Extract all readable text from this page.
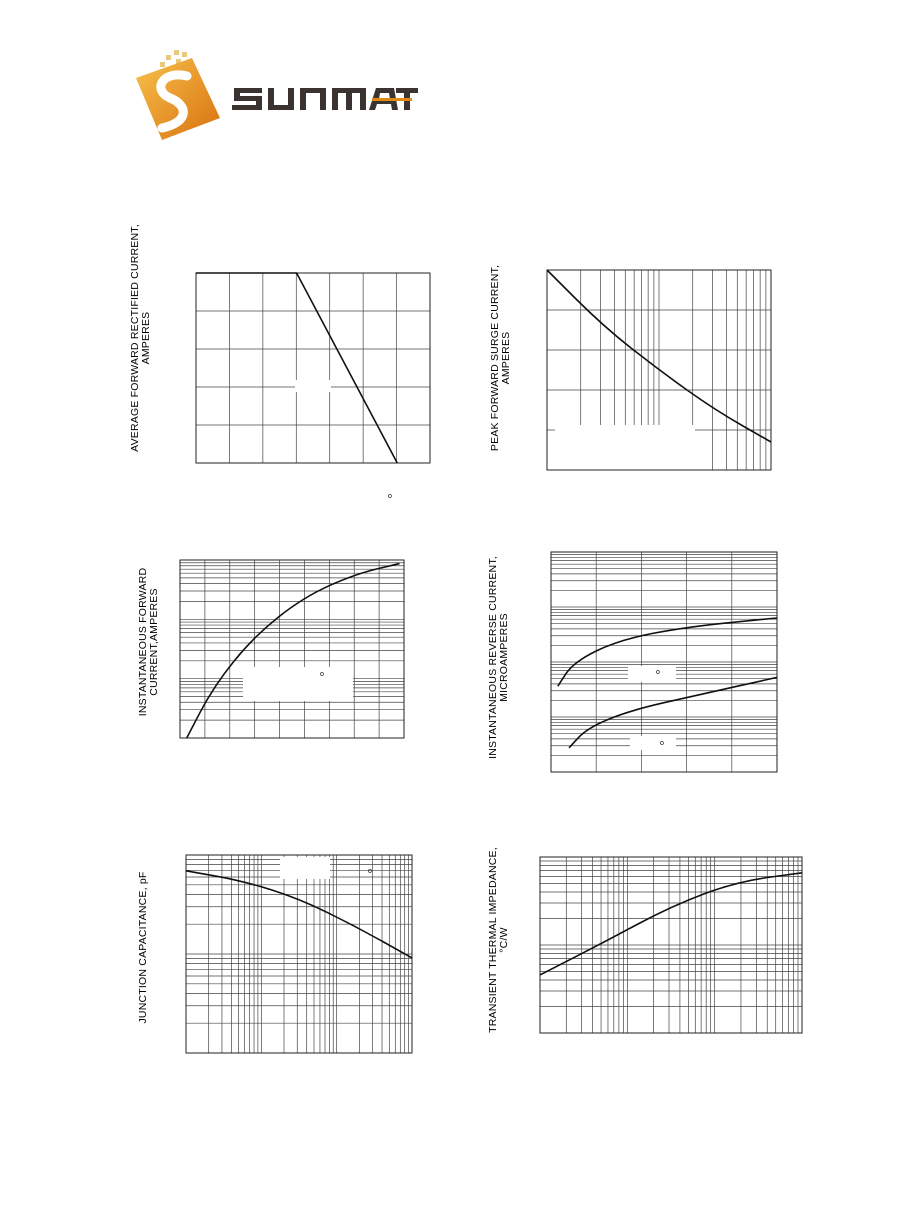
AVERAGE FORWARD RECTIFIED CURRENT, AMPERES
o
PEAK FORWARD SURGE CURRENT, AMPERES
INSTANTANEOUS FORWARD CURRENT,AMPERES	o	INSTANTANEOUS REVERSE CURRENT, MICROAMPERES	o
o
JUNCTION CAPACITANCE, pF	o	TRANSIENT THERMAL IMPEDANCE, °C/W
